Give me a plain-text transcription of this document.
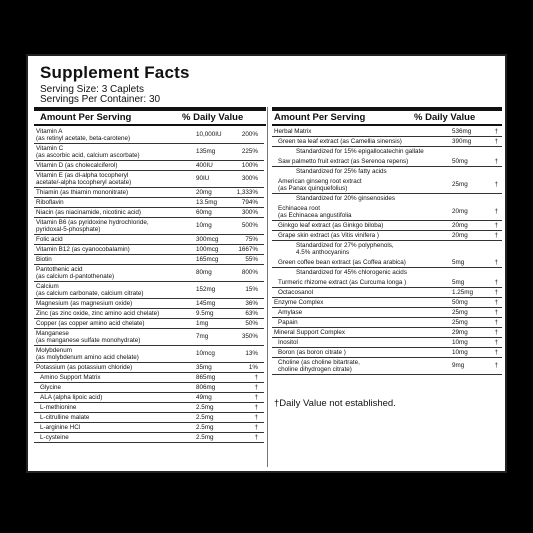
Supplement Facts
Serving Size: 3 Caplets
Servings Per Container: 30
Amount Per Serving	% Daily Value
Vitamin A
(as retinyl acetate, beta-carotene)
10,000IU	200%
Vitamin C
(as ascorbic acid, calcium ascorbate)
135mg	225%
Vitamin D (as cholecalciferol)	400IU	100%
Vitamin E (as dl-alpha tocopheryl
acetate/-alpha tocopheryl acetate)
90IU	300%
Thiamin (as thiamin mononitrate)	20mg	1,333%
Riboflavin	13.5mg	794%
Niacin (as niacinamide, nicotinic acid)	60mg	300%
Vitamin B6 (as pyridoxine hydrochloride,
pyridoxal-5-phosphate)
10mg	500%
Folic acid	300mcg	75%
Vitamin B12 (as cyanocobalamin)	100mcg	1667%
Biotin	165mcg	55%
Pantothenic acid
(as calcium d-pantothenate)
80mg	800%
Calcium
(as calcium carbonate, calcium citrate)
152mg	15%
Magnesium (as magnesium oxide)	145mg	36%
Zinc (as zinc oxide, zinc amino acid chelate)	9.5mg	63%
Copper (as copper amino acid chelate)	1mg	50%
Manganese
(as manganese sulfate monohydrate)
7mg	350%
Molybdenum
(as molybdenum amino acid chelate)
10mcg	13%
Potassium (as potassium chloride)	35mg	1%
Amino Support Matrix	865mg	†
Glycine	806mg	†
ALA (alpha lipoic acid)	49mg	†
L-methionine	2.5mg	†
L-citrulline malate	2.5mg	†
L-arginine HCl	2.5mg	†
L-cysteine	2.5mg	†
Amount Per Serving	% Daily Value
Herbal Matrix	536mg	†
Green tea leaf extract (as Camellia sinensis)	390mg	†
Standardized for 15% epigallocatechin gallate
Saw palmetto fruit extract (as Serenoa repens)	50mg	†
Standardized for 25% fatty acids
American ginseng root extract
(as Panax quinquefolius)
25mg	†
Standardized for 20% ginsenosides
Echinacea root
(as Echinacea angustifolia
20mg	†
Ginkgo leaf extract (as Ginkgo biloba)	20mg	†
Grape skin extract (as Vitis vinifera )	20mg	†
Standardized for 27% polyphenols,
4.5% anthocyanins
Green coffee bean extract (as Coffea arabica)	5mg	†
Standardized for 45% chlorogenic acids
Turmeric rhizome extract (as Curcuma longa )	5mg	†
Octacosanol	1.25mg	†
Enzyme Complex	50mg	†
Amylase	25mg	†
Papain	25mg	†
Mineral Support Complex	29mg	†
Inositol	10mg	†
Boron (as boron citrate )	10mg	†
Choline (as choline bitartrate,
choline dihydrogen citrate)
9mg	†
†Daily Value not established.
